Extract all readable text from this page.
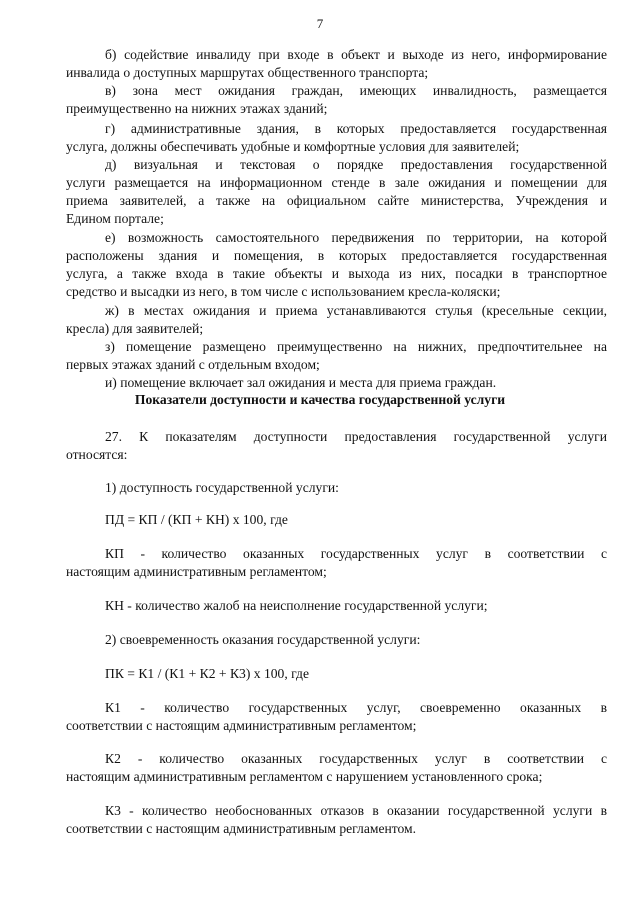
7
б) содействие инвалиду при входе в объект и выходе из него, информирование
инвалида о доступных маршрутах общественного транспорта;
в) зона мест ожидания граждан, имеющих инвалидность, размещается
преимущественно на нижних этажах зданий;
г) административные здания, в которых предоставляется государственная
услуга, должны обеспечивать удобные и комфортные условия для заявителей;
д) визуальная и текстовая о порядке предоставления государственной
услуги размещается на информационном стенде в зале ожидания и помещении для
приема заявителей, а также на официальном сайте министерства, Учреждения и
Едином портале;
е) возможность самостоятельного передвижения по территории, на которой
расположены здания и помещения, в которых предоставляется государственная
услуга, а также входа в такие объекты и выхода из них, посадки в транспортное
средство и высадки из него, в том числе с использованием кресла-коляски;
ж) в местах ожидания и приема устанавливаются стулья (кресельные секции,
кресла) для заявителей;
з) помещение размещено преимущественно на нижних, предпочтительнее на
первых этажах зданий с отдельным входом;
и) помещение включает зал ожидания и места для приема граждан.
Показатели доступности и качества государственной услуги
27. К показателям доступности предоставления государственной услуги
относятся:
1) доступность государственной услуги:
ПД = КП / (КП + КН) х 100, где
КП - количество оказанных государственных услуг в соответствии с
настоящим административным регламентом;
КН - количество жалоб на неисполнение государственной услуги;
2) своевременность оказания государственной услуги:
ПК = К1 / (К1 + К2 + К3) х 100, где
К1 - количество государственных услуг, своевременно оказанных в
соответствии с настоящим административным регламентом;
К2 - количество оказанных государственных услуг в соответствии с
настоящим административным регламентом с нарушением установленного срока;
К3 - количество необоснованных отказов в оказании государственной услуги в
соответствии с настоящим административным регламентом.
